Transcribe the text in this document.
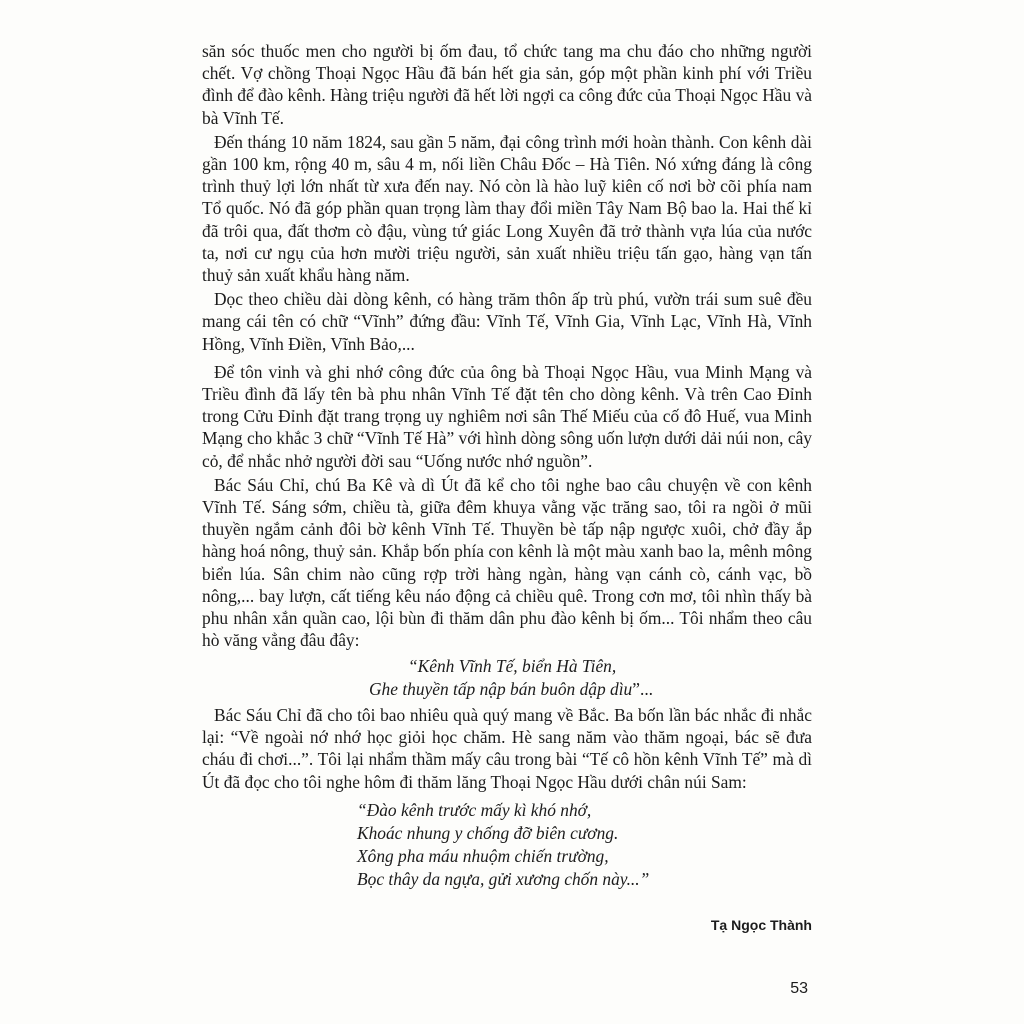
săn sóc thuốc men cho người bị ốm đau, tổ chức tang ma chu đáo cho những người chết. Vợ chồng Thoại Ngọc Hầu đã bán hết gia sản, góp một phần kinh phí với Triều đình để đào kênh. Hàng triệu người đã hết lời ngợi ca công đức của Thoại Ngọc Hầu và bà Vĩnh Tế.

Đến tháng 10 năm 1824, sau gần 5 năm, đại công trình mới hoàn thành. Con kênh dài gần 100 km, rộng 40 m, sâu 4 m, nối liền Châu Đốc – Hà Tiên. Nó xứng đáng là công trình thuỷ lợi lớn nhất từ xưa đến nay. Nó còn là hào luỹ kiên cố nơi bờ cõi phía nam Tổ quốc. Nó đã góp phần quan trọng làm thay đổi miền Tây Nam Bộ bao la. Hai thế kỉ đã trôi qua, đất thơm cò đậu, vùng tứ giác Long Xuyên đã trở thành vựa lúa của nước ta, nơi cư ngụ của hơn mười triệu người, sản xuất nhiều triệu tấn gạo, hàng vạn tấn thuỷ sản xuất khẩu hàng năm.

Dọc theo chiều dài dòng kênh, có hàng trăm thôn ấp trù phú, vườn trái sum suê đều mang cái tên có chữ “Vĩnh” đứng đầu: Vĩnh Tế, Vĩnh Gia, Vĩnh Lạc, Vĩnh Hà, Vĩnh Hồng, Vĩnh Điền, Vĩnh Bảo,...

Để tôn vinh và ghi nhớ công đức của ông bà Thoại Ngọc Hầu, vua Minh Mạng và Triều đình đã lấy tên bà phu nhân Vĩnh Tế đặt tên cho dòng kênh. Và trên Cao Đỉnh trong Cửu Đỉnh đặt trang trọng uy nghiêm nơi sân Thế Miếu của cố đô Huế, vua Minh Mạng cho khắc 3 chữ “Vĩnh Tế Hà” với hình dòng sông uốn lượn dưới dải núi non, cây cỏ, để nhắc nhở người đời sau “Uống nước nhớ nguồn”.

Bác Sáu Chỉ, chú Ba Kê và dì Út đã kể cho tôi nghe bao câu chuyện về con kênh Vĩnh Tế. Sáng sớm, chiều tà, giữa đêm khuya vằng vặc trăng sao, tôi ra ngồi ở mũi thuyền ngắm cảnh đôi bờ kênh Vĩnh Tế. Thuyền bè tấp nập ngược xuôi, chở đầy ắp hàng hoá nông, thuỷ sản. Khắp bốn phía con kênh là một màu xanh bao la, mênh mông biển lúa. Sân chim nào cũng rợp trời hàng ngàn, hàng vạn cánh cò, cánh vạc, bồ nông,... bay lượn, cất tiếng kêu náo động cả chiều quê. Trong cơn mơ, tôi nhìn thấy bà phu nhân xắn quần cao, lội bùn đi thăm dân phu đào kênh bị ốm... Tôi nhẩm theo câu hò văng vẳng đâu đây:

“Kênh Vĩnh Tế, biển Hà Tiên,
Ghe thuyền tấp nập bán buôn dập dìu”...

Bác Sáu Chỉ đã cho tôi bao nhiêu quà quý mang về Bắc. Ba bốn lần bác nhắc đi nhắc lại: “Về ngoài nớ nhớ học giỏi học chăm. Hè sang năm vào thăm ngoại, bác sẽ đưa cháu đi chơi...”. Tôi lại nhẩm thầm mấy câu trong bài “Tế cô hồn kênh Vĩnh Tế” mà dì Út đã đọc cho tôi nghe hôm đi thăm lăng Thoại Ngọc Hầu dưới chân núi Sam:

“Đào kênh trước mấy kì khó nhớ,
Khoác nhung y chống đỡ biên cương.
Xông pha máu nhuộm chiến trường,
Bọc thây da ngựa, gửi xương chốn này...”
Tạ Ngọc Thành
53
